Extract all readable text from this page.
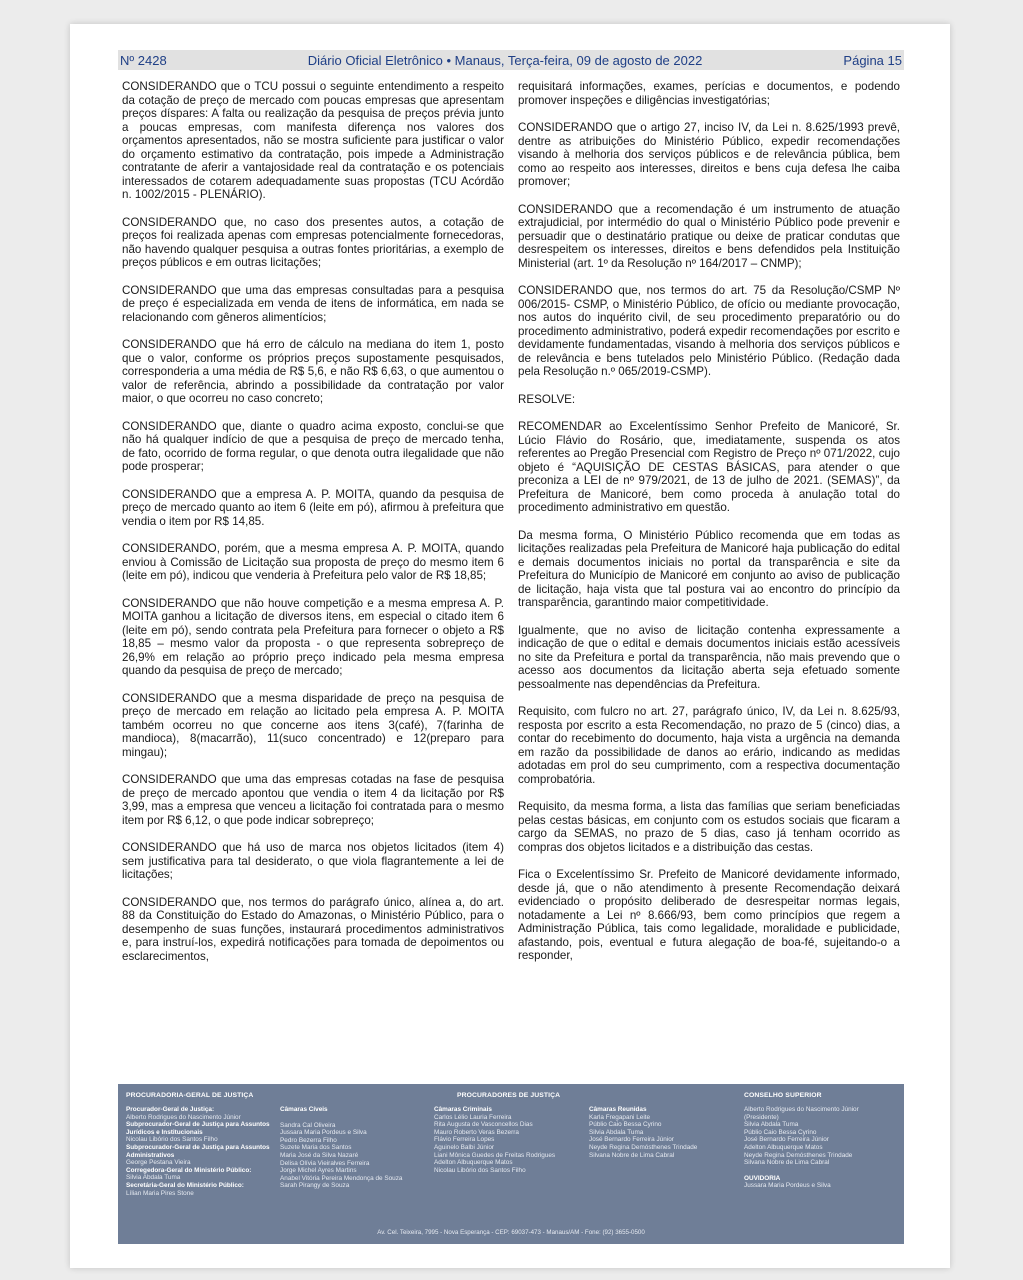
Nº 2428	Diário Oficial Eletrônico • Manaus, Terça-feira, 09 de agosto de 2022	Página 15

CONSIDERANDO que o TCU possui o seguinte entendimento a respeito da cotação de preço de mercado com poucas empresas que apresentam preços díspares: A falta ou realização da pesquisa de preços prévia junto a poucas empresas, com manifesta diferença nos valores dos orçamentos apresentados, não se mostra suficiente para justificar o valor do orçamento estimativo da contratação, pois impede a Administração contratante de aferir a vantajosidade real da contratação e os potenciais interessados de cotarem adequadamente suas propostas (TCU Acórdão n. 1002/2015 - PLENÁRIO).

CONSIDERANDO que, no caso dos presentes autos, a cotação de preços foi realizada apenas com empresas potencialmente fornecedoras, não havendo qualquer pesquisa a outras fontes prioritárias, a exemplo de preços públicos e em outras licitações;

CONSIDERANDO que uma das empresas consultadas para a pesquisa de preço é especializada em venda de itens de informática, em nada se relacionando com gêneros alimentícios;

CONSIDERANDO que há erro de cálculo na mediana do item 1, posto que o valor, conforme os próprios preços supostamente pesquisados, corresponderia a uma média de R$ 5,6, e não R$ 6,63, o que aumentou o valor de referência, abrindo a possibilidade da contratação por valor maior, o que ocorreu no caso concreto;

CONSIDERANDO que, diante o quadro acima exposto, conclui-se que não há qualquer indício de que a pesquisa de preço de mercado tenha, de fato, ocorrido de forma regular, o que denota outra ilegalidade que não pode prosperar;

CONSIDERANDO que a empresa A. P. MOITA, quando da pesquisa de preço de mercado quanto ao item 6 (leite em pó), afirmou à prefeitura que vendia o item por R$ 14,85.

CONSIDERANDO, porém, que a mesma empresa A. P. MOITA, quando enviou à Comissão de Licitação sua proposta de preço do mesmo item 6 (leite em pó), indicou que venderia à Prefeitura pelo valor de R$ 18,85;

CONSIDERANDO que não houve competição e a mesma empresa A. P. MOITA ganhou a licitação de diversos itens, em especial o citado item 6 (leite em pó), sendo contrata pela Prefeitura para fornecer o objeto a R$ 18,85 – mesmo valor da proposta - o que representa sobrepreço de 26,9% em relação ao próprio preço indicado pela mesma empresa quando da pesquisa de preço de mercado;

CONSIDERANDO que a mesma disparidade de preço na pesquisa de preço de mercado em relação ao licitado pela empresa A. P. MOITA também ocorreu no que concerne aos itens 3(café), 7(farinha de mandioca), 8(macarrão), 11(suco concentrado) e 12(preparo para mingau);

CONSIDERANDO que uma das empresas cotadas na fase de pesquisa de preço de mercado apontou que vendia o item 4 da licitação por R$ 3,99, mas a empresa que venceu a licitação foi contratada para o mesmo item por R$ 6,12, o que pode indicar sobrepreço;

CONSIDERANDO que há uso de marca nos objetos licitados (item 4) sem justificativa para tal desiderato, o que viola flagrantemente a lei de licitações;

CONSIDERANDO que, nos termos do parágrafo único, alínea a, do art. 88 da Constituição do Estado do Amazonas, o Ministério Público, para o desempenho de suas funções, instaurará procedimentos administrativos e, para instruí-los, expedirá notificações para tomada de depoimentos ou esclarecimentos,

requisitará informações, exames, perícias e documentos, e podendo promover inspeções e diligências investigatórias;

CONSIDERANDO que o artigo 27, inciso IV, da Lei n. 8.625/1993 prevê, dentre as atribuições do Ministério Público, expedir recomendações visando à melhoria dos serviços públicos e de relevância pública, bem como ao respeito aos interesses, direitos e bens cuja defesa lhe caiba promover;

CONSIDERANDO que a recomendação é um instrumento de atuação extrajudicial, por intermédio do qual o Ministério Público pode prevenir e persuadir que o destinatário pratique ou deixe de praticar condutas que desrespeitem os interesses, direitos e bens defendidos pela Instituição Ministerial (art. 1º da Resolução nº 164/2017 – CNMP);

CONSIDERANDO que, nos termos do art. 75 da Resolução/CSMP Nº 006/2015- CSMP, o Ministério Público, de ofício ou mediante provocação, nos autos do inquérito civil, de seu procedimento preparatório ou do procedimento administrativo, poderá expedir recomendações por escrito e devidamente fundamentadas, visando à melhoria dos serviços públicos e de relevância e bens tutelados pelo Ministério Público. (Redação dada pela Resolução n.º 065/2019-CSMP).

RESOLVE:

RECOMENDAR ao Excelentíssimo Senhor Prefeito de Manicoré, Sr. Lúcio Flávio do Rosário, que, imediatamente, suspenda os atos referentes ao Pregão Presencial com Registro de Preço nº 071/2022, cujo objeto é “AQUISIÇÃO DE CESTAS BÁSICAS, para atender o que preconiza a LEI de nº 979/2021, de 13 de julho de 2021. (SEMAS)”, da Prefeitura de Manicoré, bem como proceda à anulação total do procedimento administrativo em questão.

Da mesma forma, O Ministério Público recomenda que em todas as licitações realizadas pela Prefeitura de Manicoré haja publicação do edital e demais documentos iniciais no portal da transparência e site da Prefeitura do Município de Manicoré em conjunto ao aviso de publicação de licitação, haja vista que tal postura vai ao encontro do princípio da transparência, garantindo maior competitividade.

Igualmente, que no aviso de licitação contenha expressamente a indicação de que o edital e demais documentos iniciais estão acessíveis no site da Prefeitura e portal da transparência, não mais prevendo que o acesso aos documentos da licitação aberta seja efetuado somente pessoalmente nas dependências da Prefeitura.

Requisito, com fulcro no art. 27, parágrafo único, IV, da Lei n. 8.625/93, resposta por escrito a esta Recomendação, no prazo de 5 (cinco) dias, a contar do recebimento do documento, haja vista a urgência na demanda em razão da possibilidade de danos ao erário, indicando as medidas adotadas em prol do seu cumprimento, com a respectiva documentação comprobatória.

Requisito, da mesma forma, a lista das famílias que seriam beneficiadas pelas cestas básicas, em conjunto com os estudos sociais que ficaram a cargo da SEMAS, no prazo de 5 dias, caso já tenham ocorrido as compras dos objetos licitados e a distribuição das cestas.

Fica o Excelentíssimo Sr. Prefeito de Manicoré devidamente informado, desde já, que o não atendimento à presente Recomendação deixará evidenciado o propósito deliberado de desrespeitar normas legais, notadamente a Lei nº 8.666/93, bem como princípios que regem a Administração Pública, tais como legalidade, moralidade e publicidade, afastando, pois, eventual e futura alegação de boa-fé, sujeitando-o a responder,

PROCURADORIA-GERAL DE JUSTIÇA	PROCURADORES DE JUSTIÇA	CONSELHO SUPERIOR
Procurador-Geral de Justiça:
Alberto Rodrigues do Nascimento Júnior
Subprocurador-Geral de Justiça para Assuntos Jurídicos e Institucionais
Nicolau Libório dos Santos Filho
Subprocurador-Geral de Justiça para Assuntos Administrativos
George Pestana Vieira
Corregedora-Geral do Ministério Público:
Silvia Abdala Tuma
Secretária-Geral do Ministério Público:
Lílian Maria Pires Stone
Câmaras Cíveis
Sandra Cal Oliveira
Jussara Maria Pordeus e Silva
Pedro Bezerra Filho
Suzete Maria dos Santos
Maria José da Silva Nazaré
Delisa Olívia Vieiralves Ferreira
Jorge Michel Ayres Martins
Anabel Vitória Pereira Mendonça de Souza
Sarah Pirangy de Souza
Câmaras Criminais
Carlos Lélio Lauria Ferreira
Rita Augusta de Vasconcellos Dias
Mauro Roberto Veras Bezerra
Flávio Ferreira Lopes
Aguinelo Balbi Júnior
Liani Mônica Guedes de Freitas Rodrigues
Adelton Albuquerque Matos
Nicolau Libório dos Santos Filho
Câmaras Reunidas
Karla Fregapani Leite
Públio Caio Bessa Cyrino
Silvia Abdala Tuma
José Bernardo Ferreira Júnior
Neyde Regina Demósthenes Trindade
Silvana Nobre de Lima Cabral
Alberto Rodrigues do Nascimento Júnior
(Presidente)
Silvia Abdala Tuma
Públio Caio Bessa Cyrino
José Bernardo Ferreira Júnior
Adelton Albuquerque Matos
Neyde Regina Demósthenes Trindade
Silvana Nobre de Lima Cabral
OUVIDORIA
Jussara Maria Pordeus e Silva
Av. Cel. Teixeira, 7995 - Nova Esperança - CEP: 69037-473 - Manaus/AM - Fone: (92) 3655-0500
